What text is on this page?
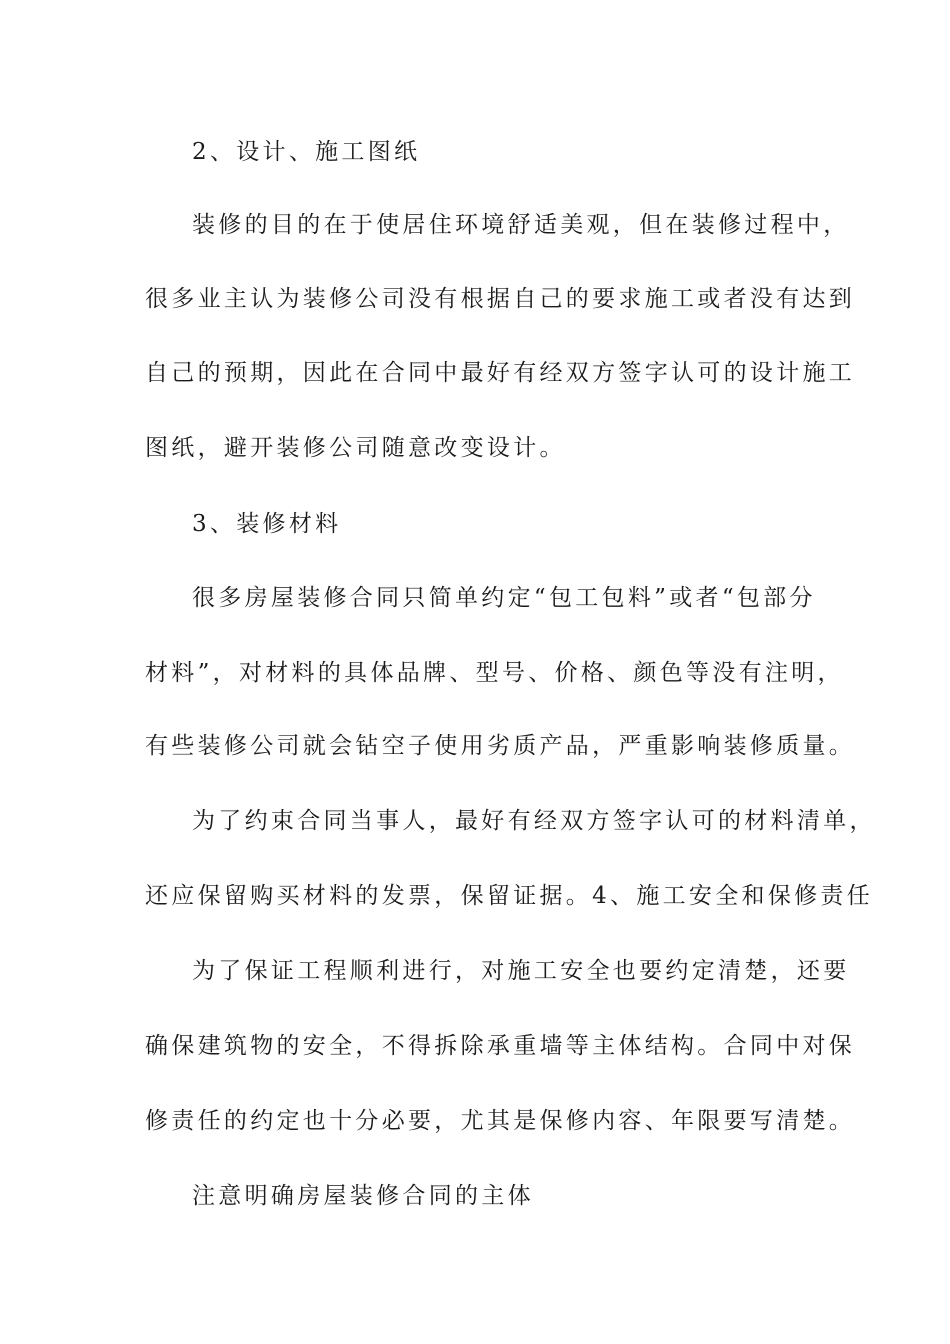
2、设计、施工图纸
装修的目的在于使居住环境舒适美观，但在装修过程中，
很多业主认为装修公司没有根据自己的要求施工或者没有达到
自己的预期，因此在合同中最好有经双方签字认可的设计施工
图纸，避开装修公司随意改变设计。
3、装修材料
很多房屋装修合同只简单约定“包工包料”或者“包部分
材料”，对材料的具体品牌、型号、价格、颜色等没有注明，
有些装修公司就会钻空子使用劣质产品，严重影响装修质量。
为了约束合同当事人，最好有经双方签字认可的材料清单，
还应保留购买材料的发票，保留证据。4、施工安全和保修责任
为了保证工程顺利进行，对施工安全也要约定清楚，还要
确保建筑物的安全，不得拆除承重墙等主体结构。合同中对保
修责任的约定也十分必要，尤其是保修内容、年限要写清楚。
注意明确房屋装修合同的主体
